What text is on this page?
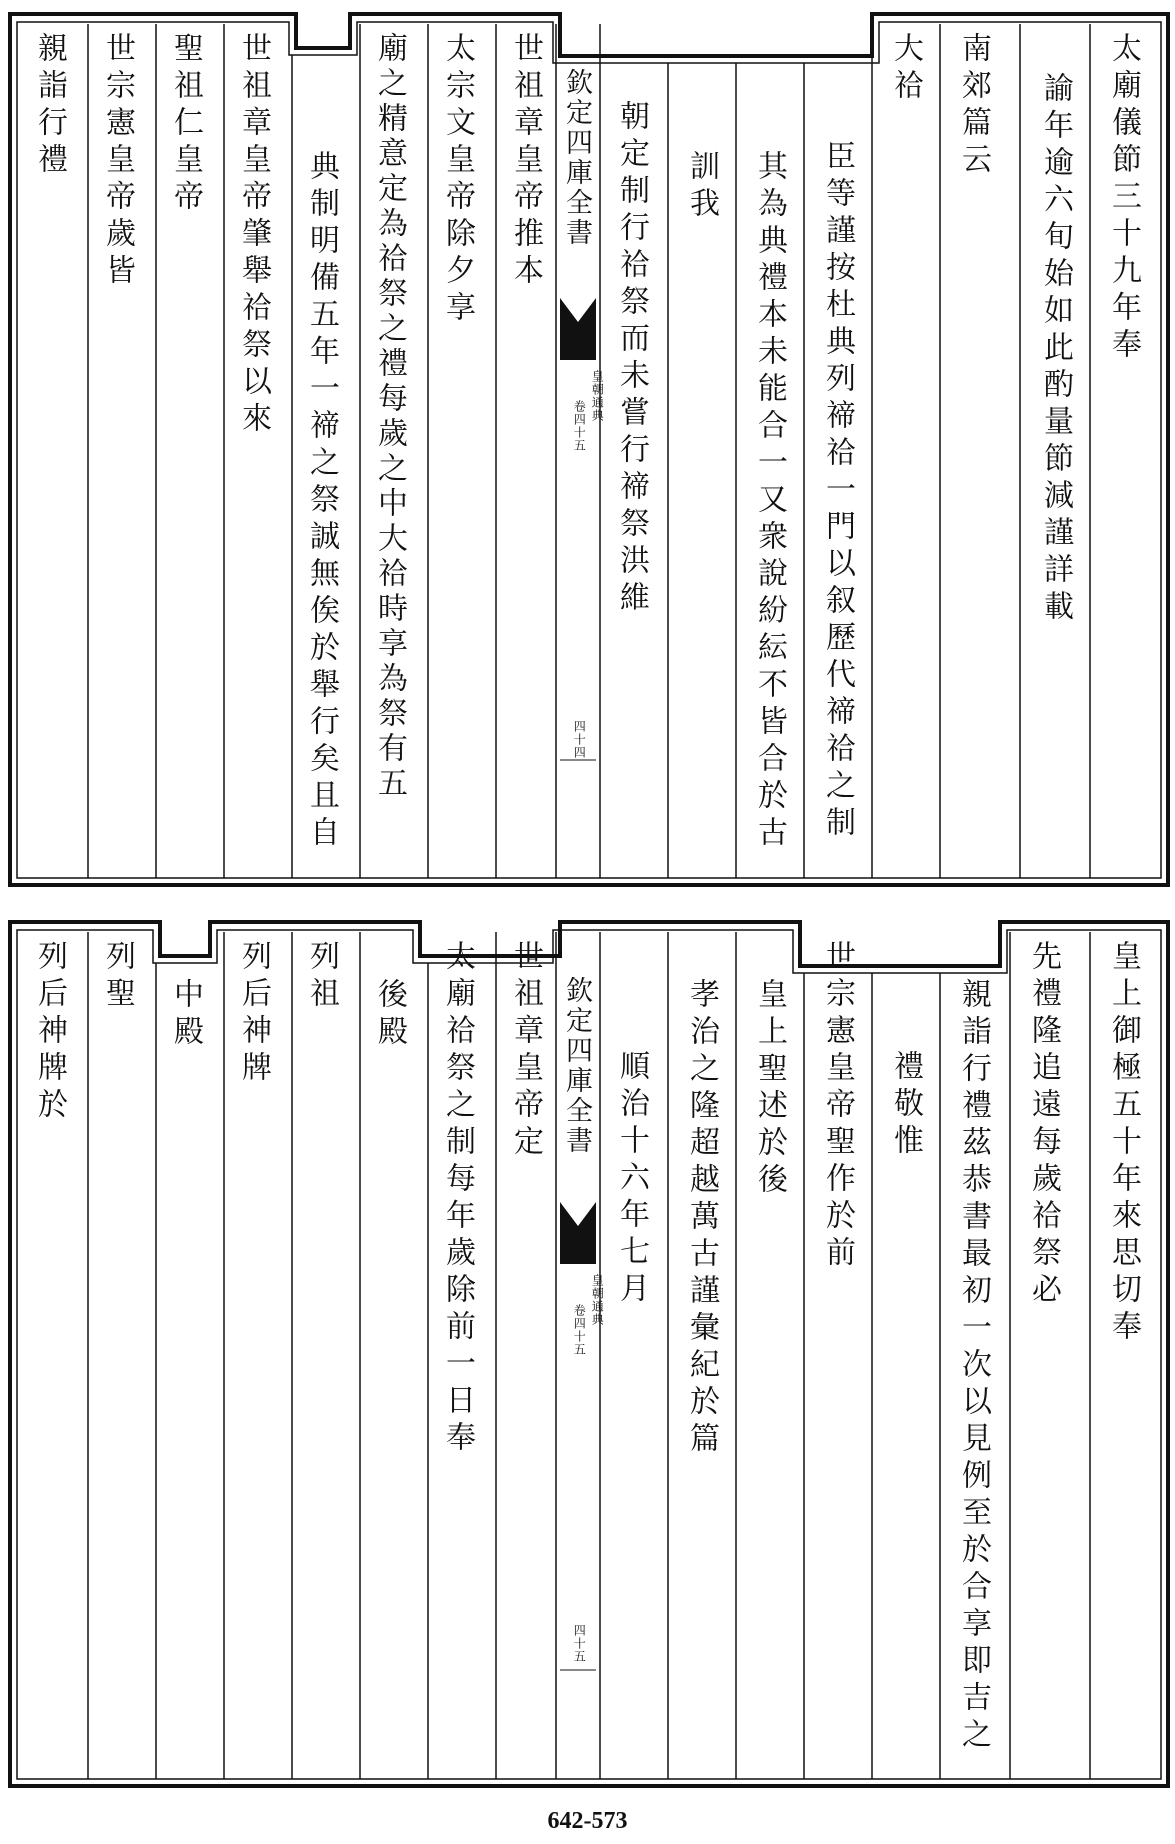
欽定四庫全書
皇朝通典
卷四十五
四十四
太廟儀節三十九年奉
諭年逾六旬始如此酌量節減謹詳載
南郊篇云
大祫
臣等謹按杜典列禘祫一門以叙歷代禘祫之制
其為典禮本未能合一又衆說紛紜不皆合於古
訓我
朝定制行祫祭而未嘗行禘祭洪維
世祖章皇帝推本
太宗文皇帝除夕享
廟之精意定為祫祭之禮每歲之中大祫時享為祭有五
典制明備五年一禘之祭誠無俟於舉行矣且自
世祖章皇帝肇舉祫祭以來
聖祖仁皇帝
世宗憲皇帝歲皆
親詣行禮
欽定四庫全書
皇朝通典
卷四十五
四十五
皇上御極五十年來思切奉
先禮隆追遠每歲祫祭必
親詣行禮茲恭書最初一次以見例至於合享即吉之
禮敬惟
世宗憲皇帝聖作於前
皇上聖述於後
孝治之隆超越萬古謹彙紀於篇
順治十六年七月
世祖章皇帝定
太廟祫祭之制每年歲除前一日奉
後殿
列祖
列后神牌
中殿
列聖
列后神牌於
642-573
